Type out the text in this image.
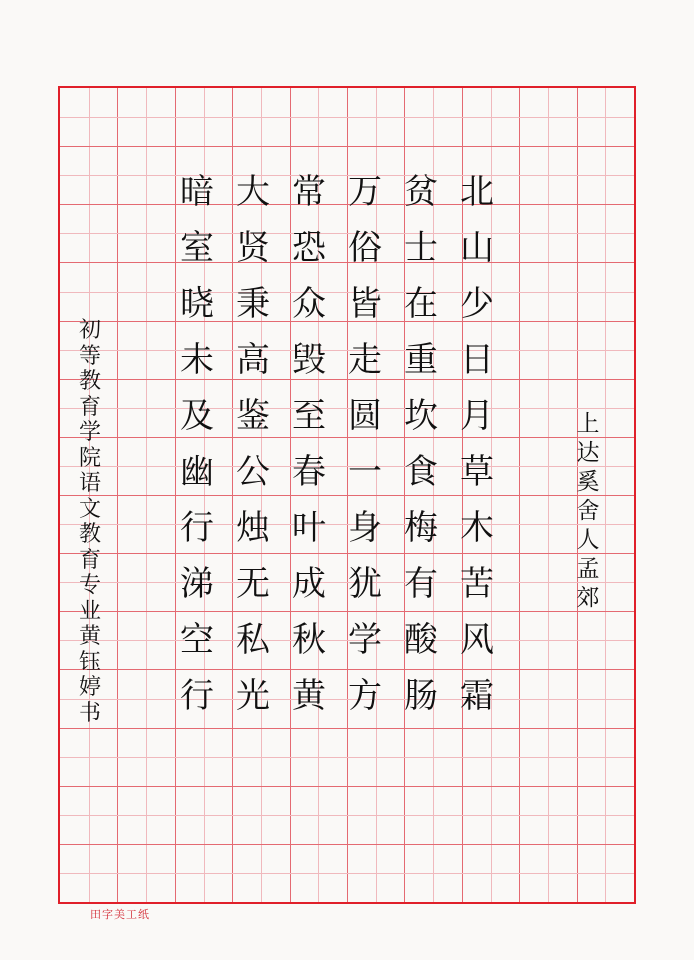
上
达
奚
舍
人
孟
郊
北
山
少
日
月
草
木
苦
风
霜
贫
士
在
重
坎
食
梅
有
酸
肠
万
俗
皆
走
圆
一
身
犹
学
方
常
恐
众
毁
至
春
叶
成
秋
黄
大
贤
秉
高
鉴
公
烛
无
私
光
暗
室
晓
未
及
幽
行
涕
空
行
初
等
教
育
学
院
语
文
教
育
专
业
黄
钰
婷
书
田字美工纸
